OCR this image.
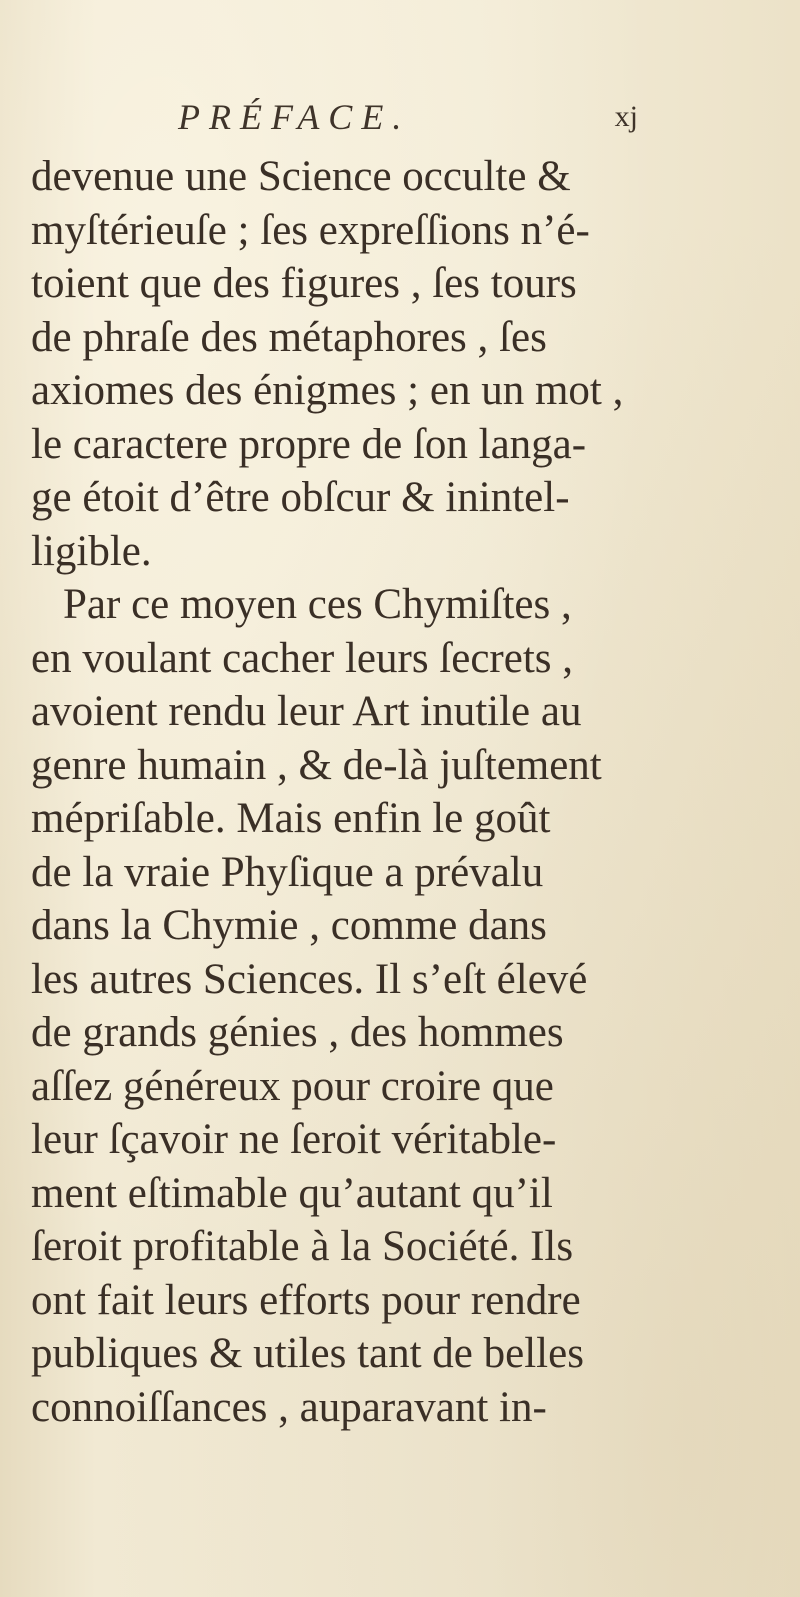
PRÉFACE.	xj
devenue une Science occulte &
myſtérieuſe ; ſes expreſſions n’é-
toient que des figures , ſes tours
de phraſe des métaphores , ſes
axiomes des énigmes ; en un mot ,
le caractere propre de ſon langa-
ge étoit d’être obſcur & inintel-
ligible.
Par ce moyen ces Chymiſtes ,
en voulant cacher leurs ſecrets ,
avoient rendu leur Art inutile au
genre humain , & de-là juſtement
mépriſable. Mais enfin le goût
de la vraie Phyſique a prévalu
dans la Chymie , comme dans
les autres Sciences. Il s’eſt élevé
de grands génies , des hommes
aſſez généreux pour croire que
leur ſçavoir ne ſeroit véritable-
ment eſtimable qu’autant qu’il
ſeroit profitable à la Société. Ils
ont fait leurs efforts pour rendre
publiques & utiles tant de belles
connoiſſances , auparavant in-
